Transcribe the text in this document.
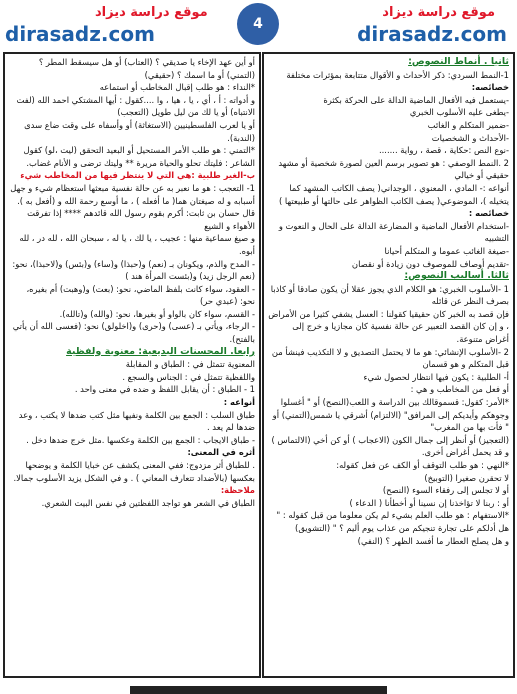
موقع دراسة ديزاد
dirasadz.com
4
موقع دراسة ديزاد
dirasadz.com

ثانيا . أنماط النصوص:

1-النمط السردي: ذكر الأحداث و الأقوال متتابعة بمؤثرات مختلفة

خصائصه:

-يستعمل فيه الأفعال الماضية الدالة على الحركة بكثرة

-يطغى عليه الأسلوب الخبري

-ضمير المتكلم و الغائب

-الأحداث و الشخصيات

-نوع النص :حكاية ، قصة ، رواية .......

2 .النمط الوصفي : هو تصوير برسم العين لصورة شخصية أو مشهد حقيقي أو خيالي

أنواعه :- المادي ، المعنوي ، الوجداني( يصف الكاتب المشهد كما يتخيله )، الموضوعي( يصف الكاتب الظواهر على حالتها أو طبيعتها )

خصائصه :

-استخدام الأفعال الماضية و المضارعة الدالة على الحال و النعوت و التشبيه

-صيغة الغائب عموما و المتكلم أحيانا

-تقديم أوصاف للموصوف دون زيادة أو نقصان

ثالثا. أساليب النصوص:

1 -الأسلوب الخبري: هو الكلام الذي يجوز عقلا أن يكون صادقا أو كاذبا بصرف النظر عن قائله

فإن قصد به الخبر كان حقيقيا كقولنا : العسل يشفي كثيرا من الأمراض ، و إن كان القصد التعبير عن حالة نفسية كان مجازيا و خرج إلى أغراض متنوعة.

2 -الأسلوب الإنشائي: هو ما لا يحتمل التصديق و لا التكذيب فينشأ من قبل المتكلم و هو قسمان

أ- الطلبية : يكون فيها انتظار لحصول شيء

أو فعل من المخاطب و هي :

*الأمر: كقول: قسموقالك بين الدراسة و اللعب(النصح) أو " أغسلوا وجوهكم وأيديكم إلى المرافق" (الالتزام) أشرقي يا شمس(التمني) أو " فأت بها من المغرب"

(التعجيز) أو أنظر إلى جمال الكون (الاعجاب ) أو كن أخي (الالتماس ) و قد يحمل أغراض أخرى.

*النهي : هو طلب التوقف أو الكف عن فعل كقوله:

لا تحقرن صغيرا (التوبيخ)

أو لا تجلس إلى رفقاء السوء (النصح)

أو : ربنا لا تؤاخذنا إن نسينا أو أخطأنا ( الدعاء )

*الاستفهام : هو طلب العلم بشيء لم يكن معلوما من قبل كقوله : " هل أدلكم على تجارة تنجيكم من عذاب يوم أليم ؟ " (التشويق)

و هل يصلح العطار ما أفسد الظهر ؟ (النفي)

أو أين عهد الإخاء يا صديقي ؟ (العتاب) أو هل سيسقط المطر ؟ (التمني) أو ما اسمك ؟ (حقيقي)

*النداء : هو طلب إقبال المخاطب أو استماعه

و أدواته : أ ، أي ، يا ، هيا ، وا ....كقول : أيها المشتكي احمد الله (لفت الانتباه) أو يا لك من ليل طويل (التعجب)

أو يا لعرب الفلسطينيين (الاستغاثة) أو وأسفاه على وقت ضاع سدى (الندبة).

*التمني : هو طلب الأمر المستحيل أو البعيد التحقق (ليت ،لو) كقول الشاعر : فليتك تحلو والحياة مريرة ** وليتك ترضى و الأنام غضاب.

ب-الغير طلبية :هي التي لا ينتظر فيها من المخاطب شيء

1- التعجب : هو ما نعبر به عن حالة نفسية مبعثها استعظام شيء و جهل أسبابه و له صيغتان هما( ما أفعله ) ، ما أوسع رحمة الله و (أفعل به ).

قال حسان بن ثابت: أكرم بقوم رسول الله قائدهم **** إذا تفرقت الأهواء و الشيع

و صيغ سماعية منها : عجيب ، يا لك ، يا له ، سبحان الله ، لله در ، لله أبوه.

- المدح والذم، ويكونان بـ (نعم) و(حبذا) و(ساء) و(بئس) و(لاحبذا)، نحو: (نعم الرجل زيد) و(بئست المرأة هند )

- العقود، سواء كانت بلفظ الماضي، نحو: (بعت) و(وهبت) أم بغيره، نحو: (عبدي حر)

- القسم، سواء كان بالواو أو بغيرها، نحو: (والله) و(تالله).

- الرجاء، ويأتي بـ (عسى) و(حرى) و(اخلولق) نحو: (فعسى الله أن يأتي بالفتح).

رابعا. المحسنات البديعية: معنوية ولفظية

المعنوية تتمثل في : الطباق و المقابلة

واللفظية تتمثل في : الجناس والسجع .

1 - الطباق : أن يقابل اللفظ و ضده في معنى واحد .

أنواعه :

طباق السلب : الجمع بين الكلمة ونفيها مثل كتب ضدها لا يكتب ، وعد ضدها لم يعد .

- طباق الايجاب : الجمع بين الكلمة وعكسها .مثل خرج ضدها دخل .

أثره في المعنى:

. للطباق أثر مزدوج: ففي المعنى يكشف عن خبايا الكلمة و يوضحها بعكسها (بالأضداد تتعارف المعاني ) . و في الشكل يزيد الأسلوب جمالا.

ملاحظة:

الطباق في الشعر هو تواجد اللفظتين في نفس البيت الشعري.
